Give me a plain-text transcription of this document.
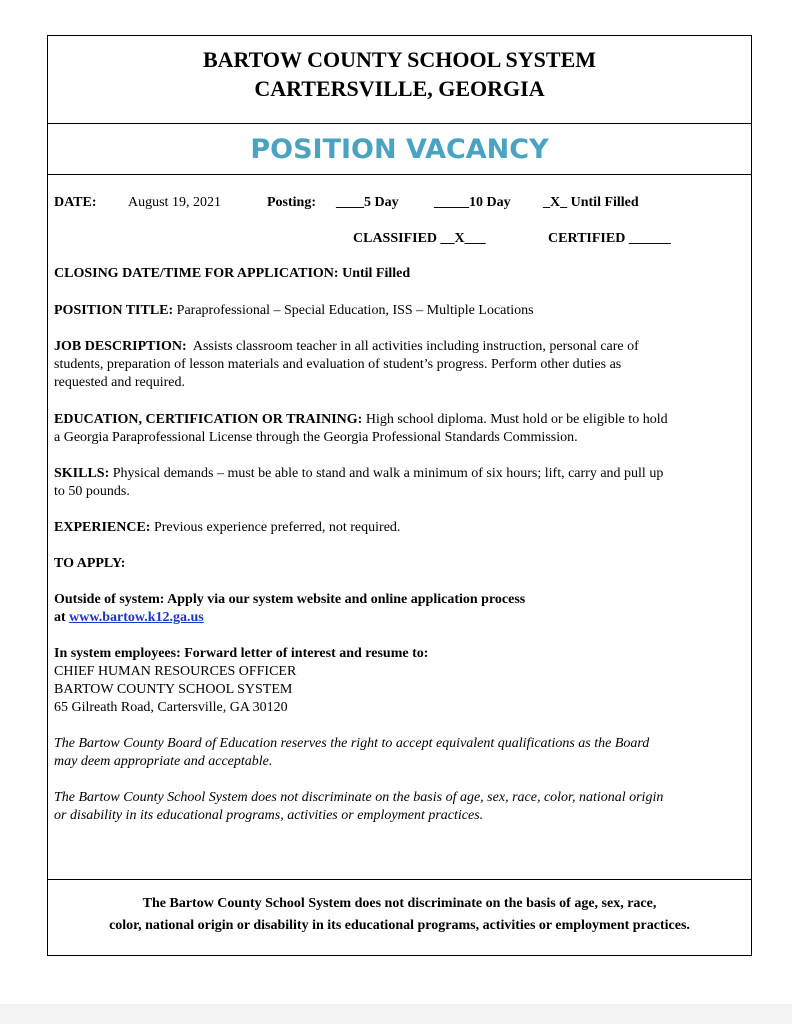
BARTOW COUNTY SCHOOL SYSTEM
CARTERSVILLE, GEORGIA
POSITION VACANCY
DATE: August 19, 2021	Posting: ____5 Day	_____10 Day _X_ Until Filled
CLASSIFIED __X___	CERTIFIED ______
CLOSING DATE/TIME FOR APPLICATION: Until Filled
POSITION TITLE: Paraprofessional – Special Education, ISS – Multiple Locations
JOB DESCRIPTION: Assists classroom teacher in all activities including instruction, personal care of
students, preparation of lesson materials and evaluation of student’s progress. Perform other duties as
requested and required.
EDUCATION, CERTIFICATION OR TRAINING: High school diploma. Must hold or be eligible to hold
a Georgia Paraprofessional License through the Georgia Professional Standards Commission.
SKILLS: Physical demands – must be able to stand and walk a minimum of six hours; lift, carry and pull up
to 50 pounds.
EXPERIENCE: Previous experience preferred, not required.
TO APPLY:
Outside of system: Apply via our system website and online application process
at www.bartow.k12.ga.us
In system employees: Forward letter of interest and resume to:
CHIEF HUMAN RESOURCES OFFICER
BARTOW COUNTY SCHOOL SYSTEM
65 Gilreath Road, Cartersville, GA 30120
The Bartow County Board of Education reserves the right to accept equivalent qualifications as the Board
may deem appropriate and acceptable.
The Bartow County School System does not discriminate on the basis of age, sex, race, color, national origin
or disability in its educational programs, activities or employment practices.
The Bartow County School System does not discriminate on the basis of age, sex, race,
color, national origin or disability in its educational programs, activities or employment practices.
